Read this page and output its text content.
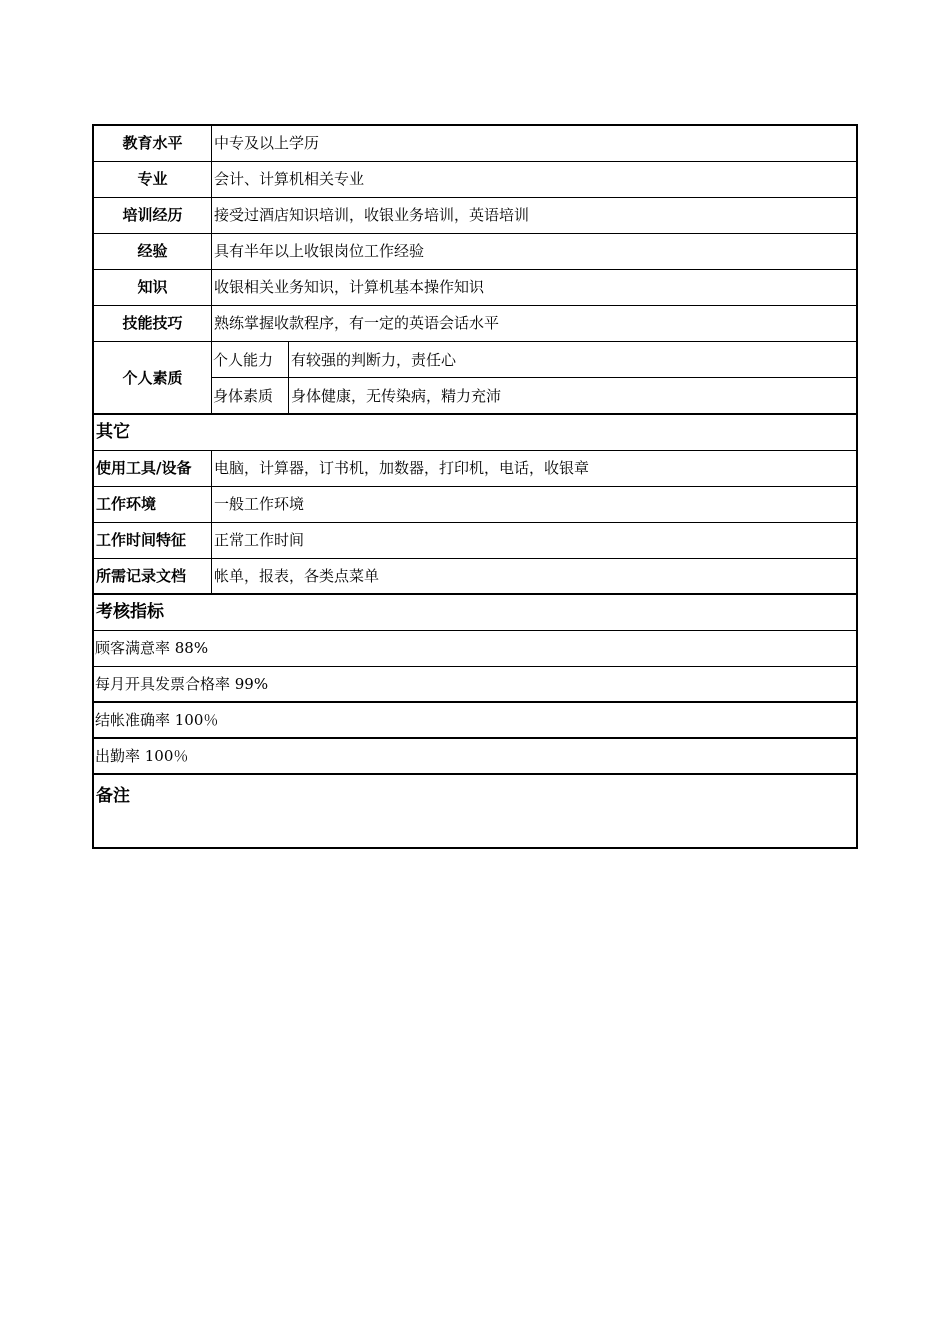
教育水平	中专及以上学历
专业	会计、计算机相关专业
培训经历	接受过酒店知识培训，收银业务培训，英语培训
经验	具有半年以上收银岗位工作经验
知识	收银相关业务知识，计算机基本操作知识
技能技巧	熟练掌握收款程序，有一定的英语会话水平
个人素质
个人能力	有较强的判断力，责任心
身体素质	身体健康，无传染病，精力充沛
其它
使用工具/设备	电脑，计算器，订书机，加数器，打印机，电话，收银章
工作环境	一般工作环境
工作时间特征	正常工作时间
所需记录文档	帐单，报表，各类点菜单
考核指标
顾客满意率 88%
每月开具发票合格率 99%
结帐准确率 100％
出勤率 100％
备注
